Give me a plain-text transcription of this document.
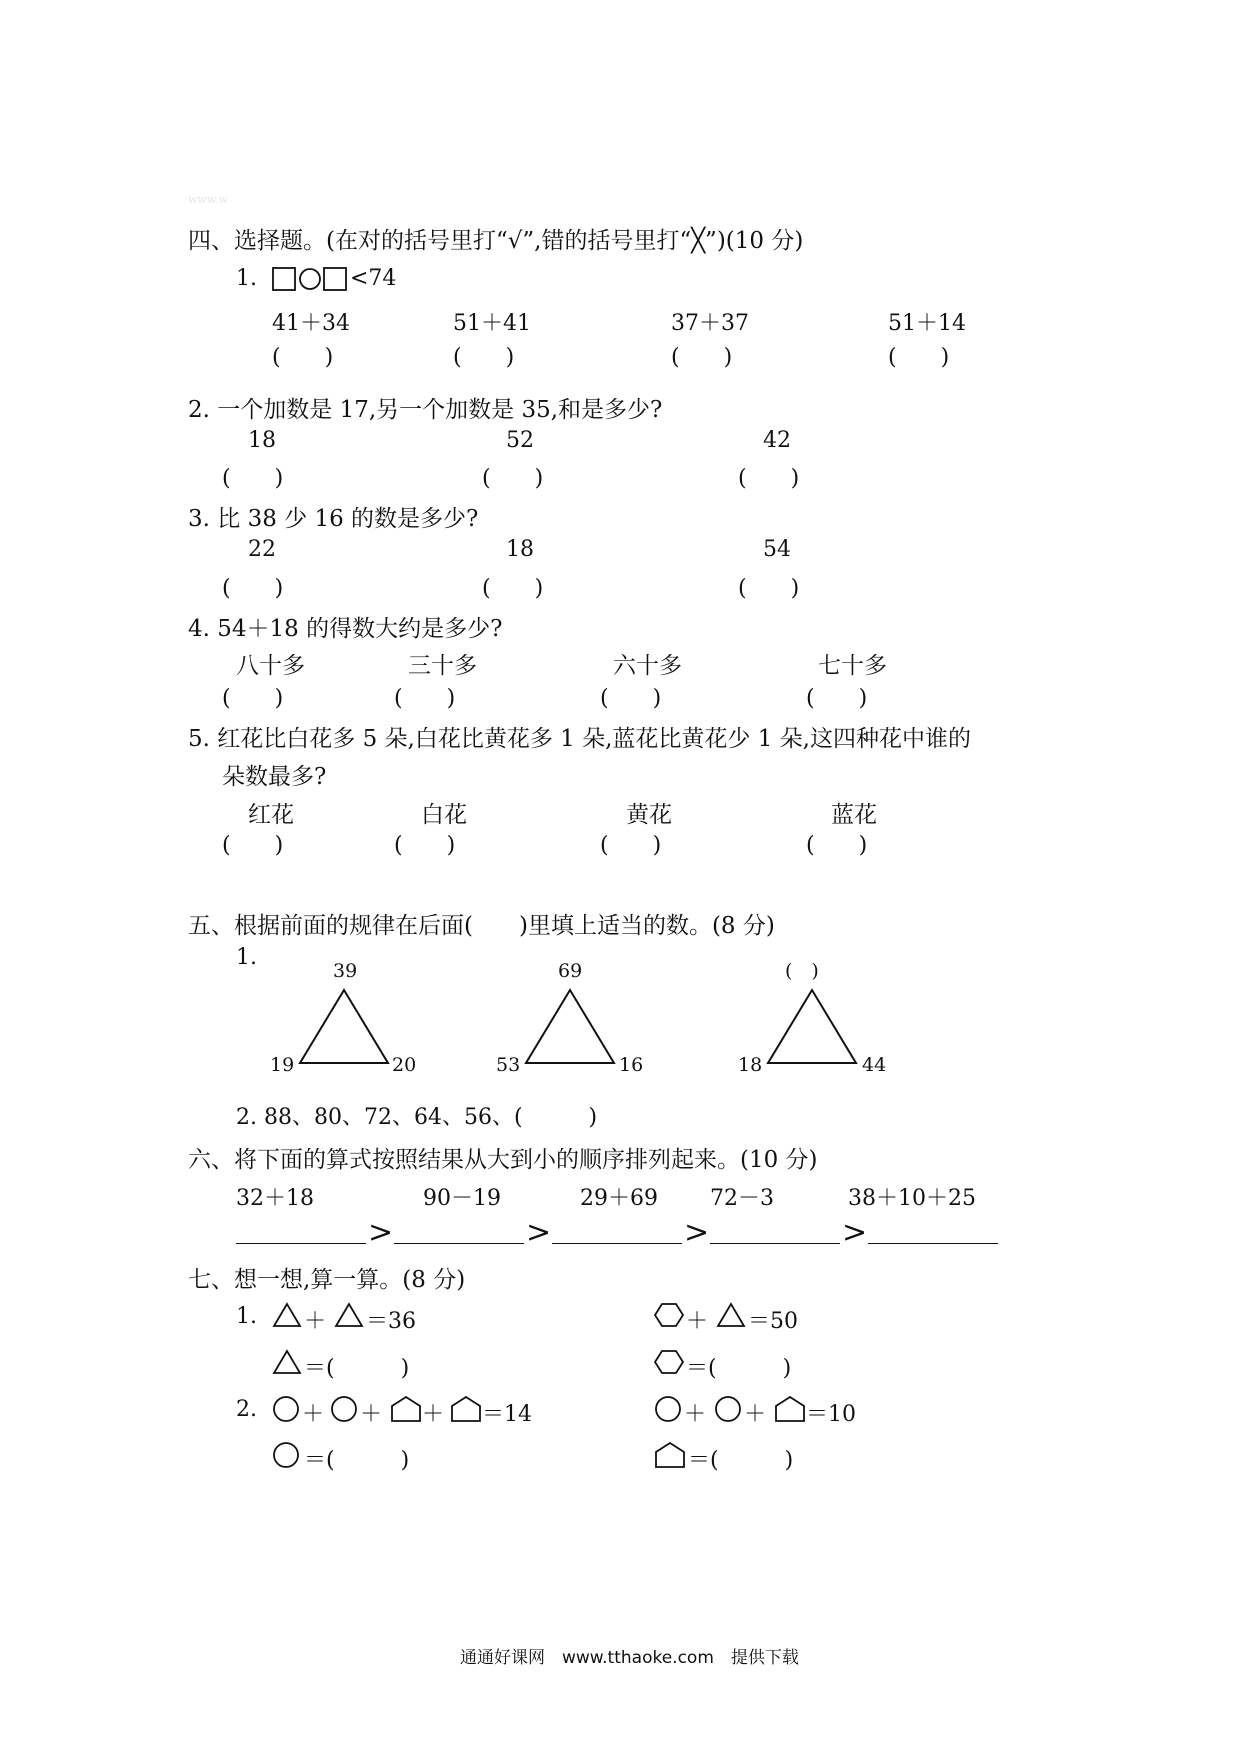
www.w
四、选择题。(在对的括号里打“√”,错的括号里打“╳”)(10 分)
1.	<74
41＋34	51＋41	37＋37	51＋14
(　　)	(　　)	(　　)	(　　)
2. 一个加数是 17,另一个加数是 35,和是多少?
18	52	42
(　　)	(　　)	(　　)
3. 比 38 少 16 的数是多少?
22	18	54
(　　)	(　　)	(　　)
4. 54＋18 的得数大约是多少?
八十多	三十多	六十多	七十多
(　　)	(　　)	(　　)	(　　)
5. 红花比白花多 5 朵,白花比黄花多 1 朵,蓝花比黄花少 1 朵,这四种花中谁的
朵数最多?
红花	白花	黄花	蓝花
(　　)	(　　)	(　　)	(　　)
五、根据前面的规律在后面(　　)里填上适当的数。(8 分)
1.
39
19	20
69
53	16
(　)
18	44
2. 88、80、72、64、56、(　　　)
六、将下面的算式按照结果从大到小的顺序排列起来。(10 分)
32＋18	90－19	29＋69 72－3	38＋10＋25
>	>	>	>
七、想一想,算一算。(8 分)
1. ＋ ＝36
＝(　　　)
＋ ＝50
＝(　　　)
2. ＋ ＋ ＋ ＝14
＝(　　　)
＋ ＋ ＝10
＝(　　　)
通通好课网　www.tthaoke.com　提供下载
